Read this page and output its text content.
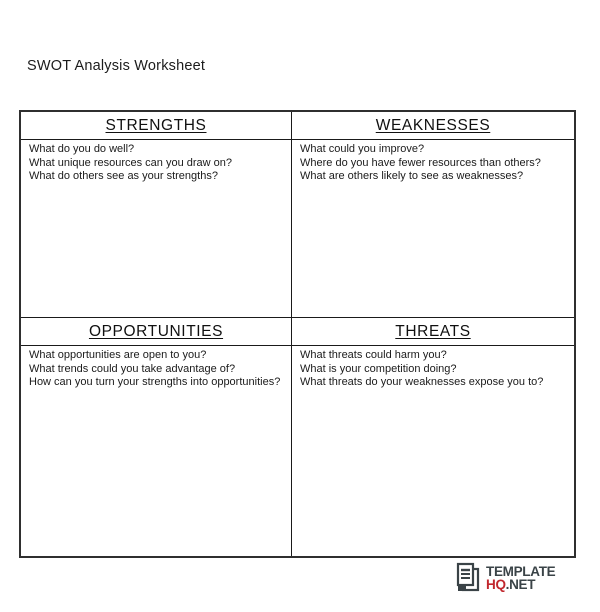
SWOT Analysis Worksheet
STRENGTHS
What do you do well?
What unique resources can you draw on?
What do others see as your strengths?
WEAKNESSES
What could you improve?
Where do you have fewer resources than others?
What are others likely to see as weaknesses?
OPPORTUNITIES
What opportunities are open to you?
What trends could you take advantage of?
How can you turn your strengths into opportunities?
THREATS
What threats could harm you?
What is your competition doing?
What threats do your weaknesses expose you to?
TEMPLATE
HQ.NET
